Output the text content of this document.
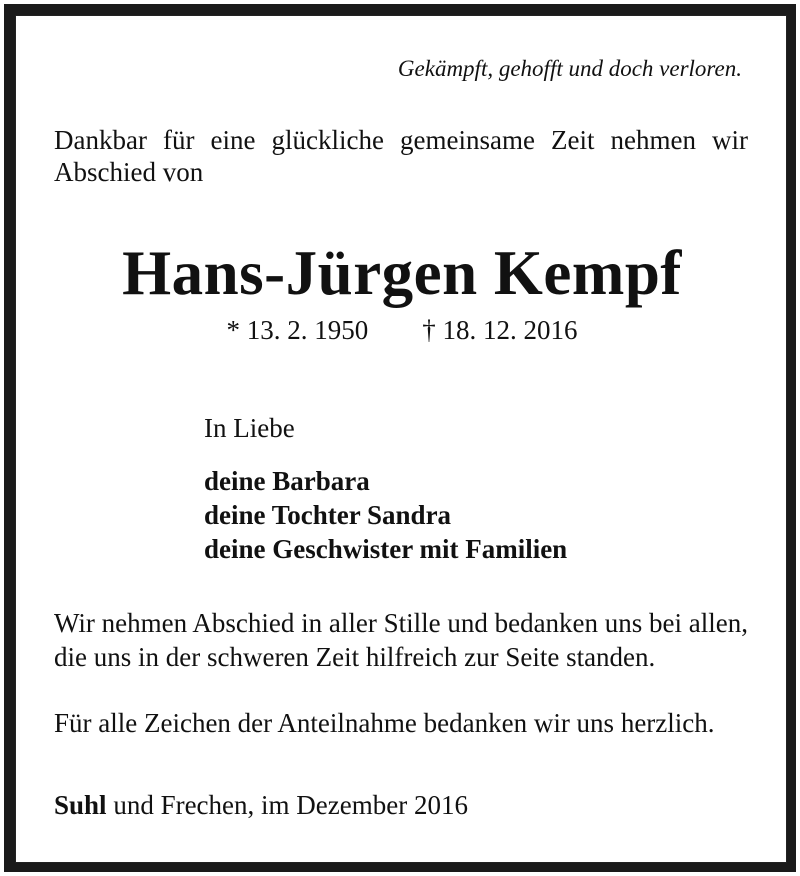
Gekämpft, gehofft und doch verloren.
Dankbar für eine glückliche gemeinsame Zeit nehmen wir Abschied von
Hans-Jürgen Kempf
* 13. 2. 1950        † 18. 12. 2016
In Liebe
deine Barbara
deine Tochter Sandra
deine Geschwister mit Familien
Wir nehmen Abschied in aller Stille und bedanken uns bei allen, die uns in der schweren Zeit hilfreich zur Seite standen.
Für alle Zeichen der Anteilnahme bedanken wir uns herzlich.
Suhl und Frechen, im Dezember 2016
